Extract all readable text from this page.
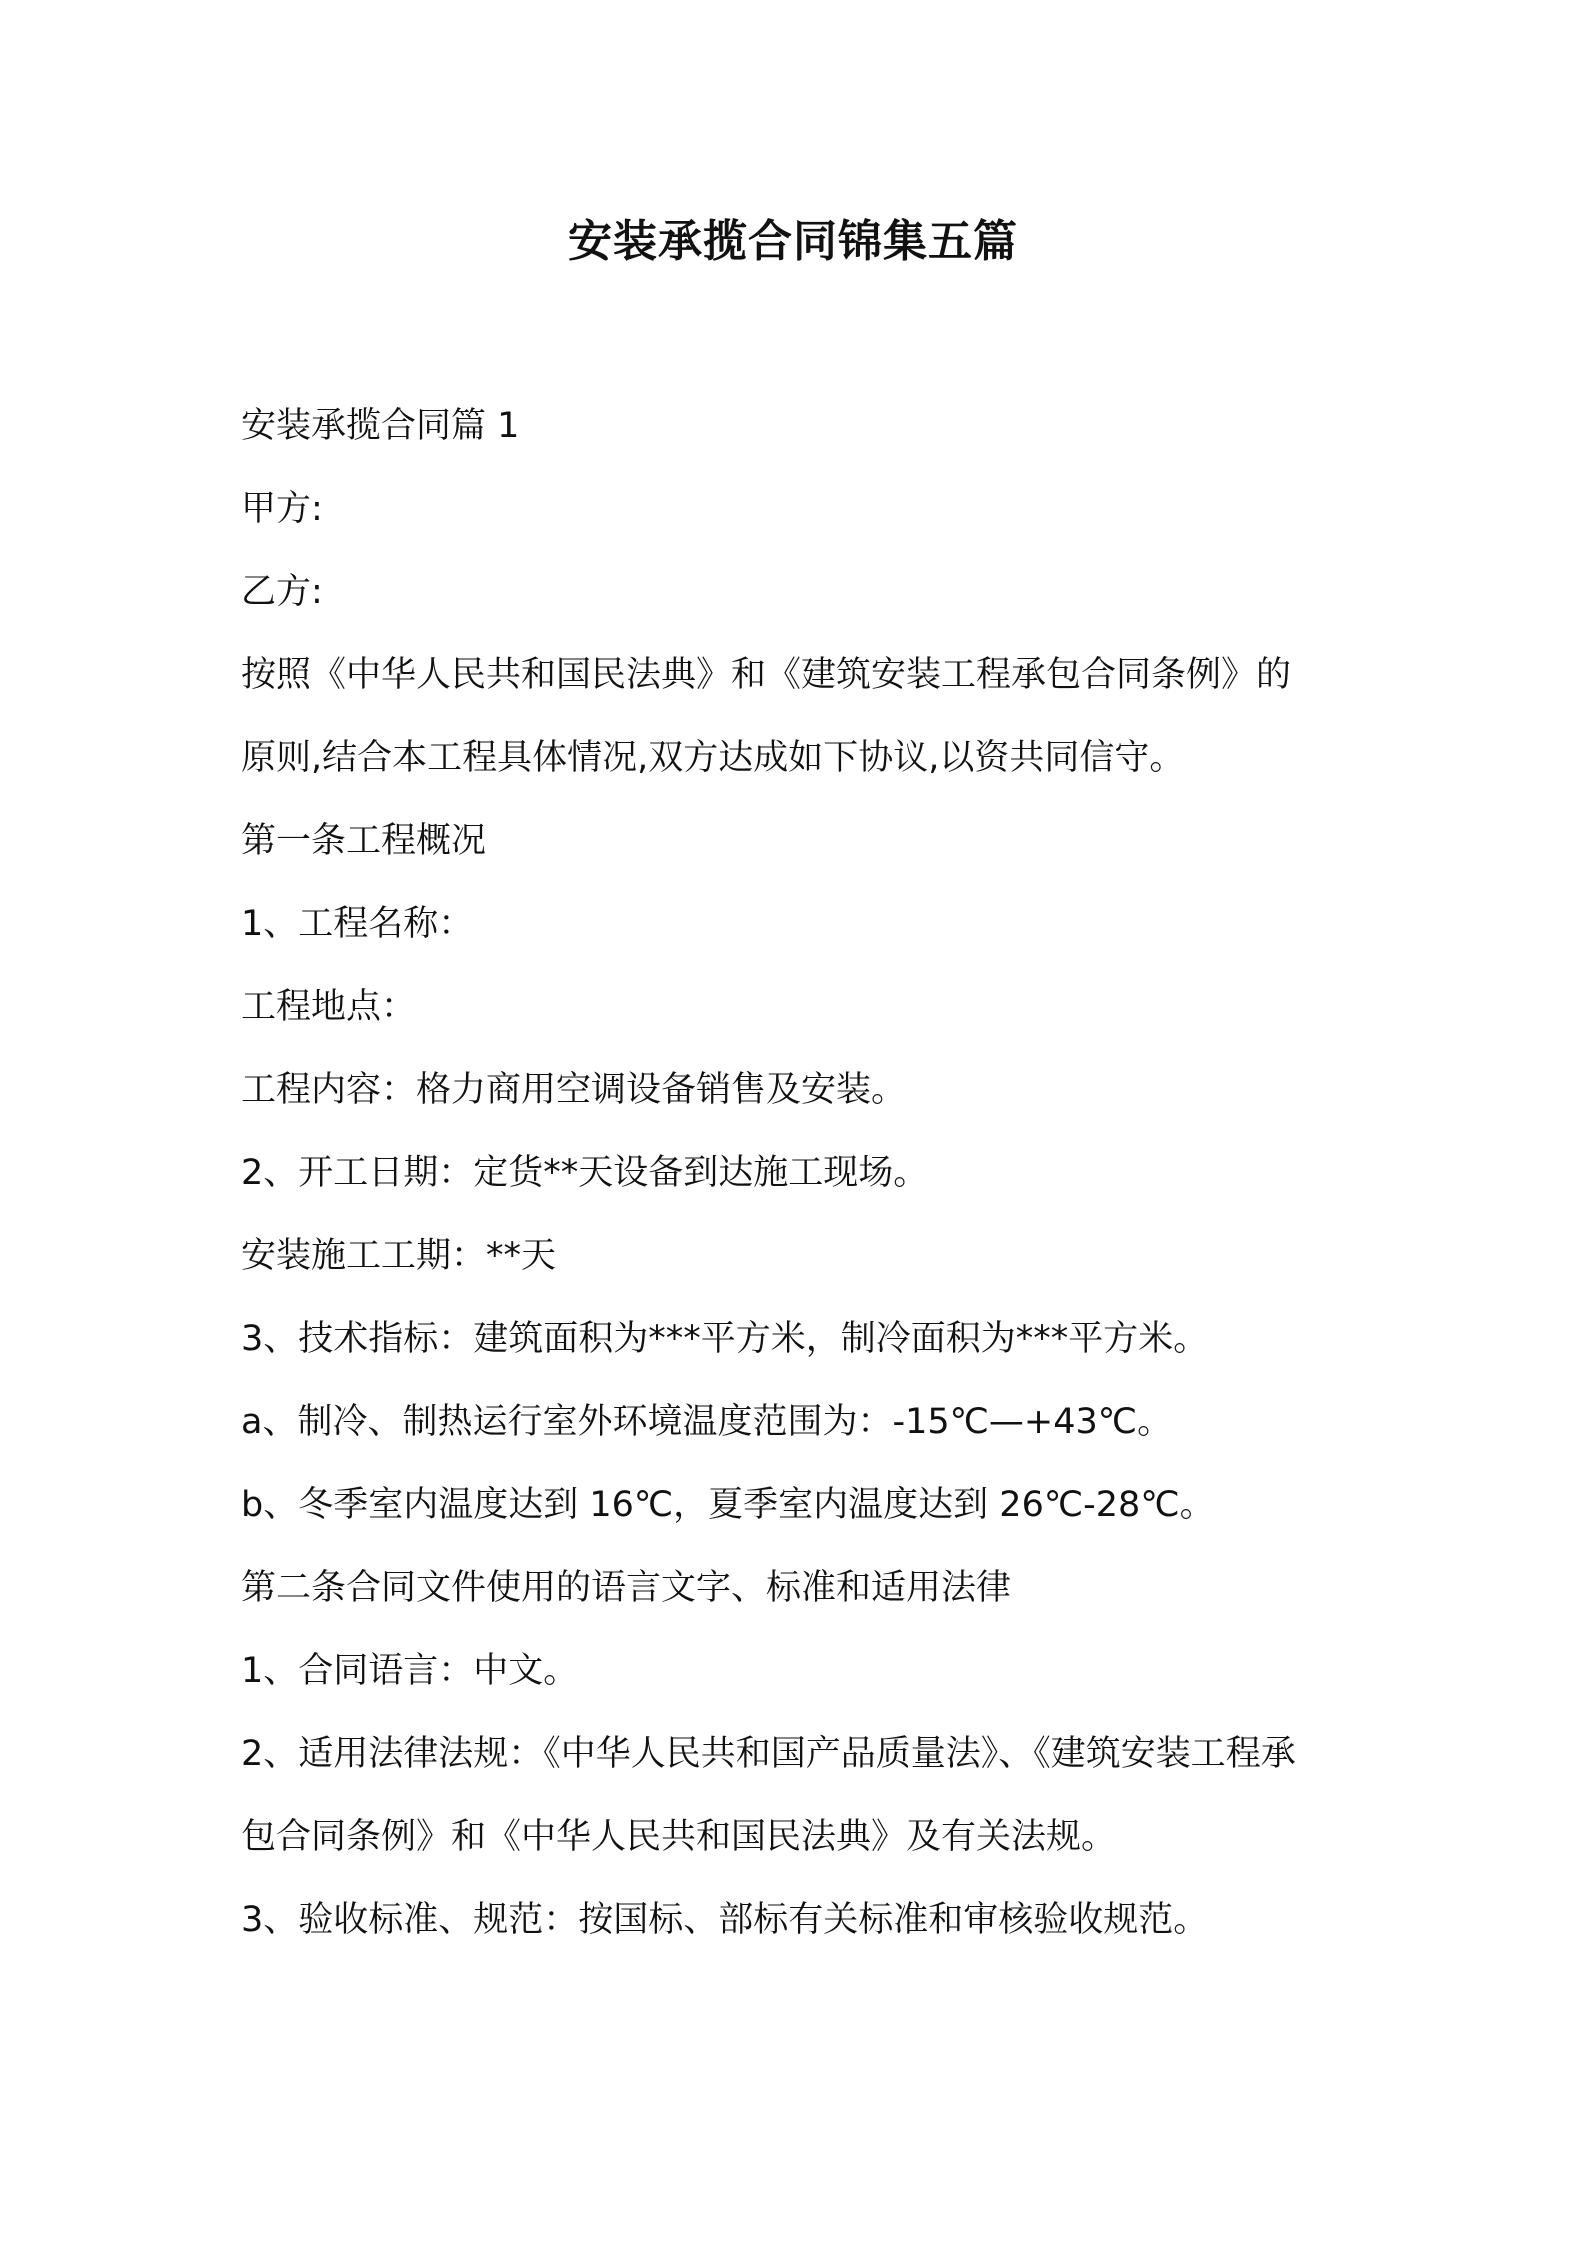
安装承揽合同锦集五篇

安装承揽合同篇 1

甲方:

乙方:

按照《中华人民共和国民法典》和《建筑安装工程承包合同条例》的

原则,结合本工程具体情况,双方达成如下协议,以资共同信守。

第一条工程概况

1、工程名称：

工程地点：

工程内容：格力商用空调设备销售及安装。

2、开工日期：定货**天设备到达施工现场。

安装施工工期：**天

3、技术指标：建筑面积为***平方米，制冷面积为***平方米。

a、制冷、制热运行室外环境温度范围为：-15℃—+43℃。

b、冬季室内温度达到 16℃，夏季室内温度达到 26℃-28℃。

第二条合同文件使用的语言文字、标准和适用法律

1、合同语言：中文。

2、适用法律法规：《中华人民共和国产品质量法》、《建筑安装工程承

包合同条例》和《中华人民共和国民法典》及有关法规。

3、验收标准、规范：按国标、部标有关标准和审核验收规范。
